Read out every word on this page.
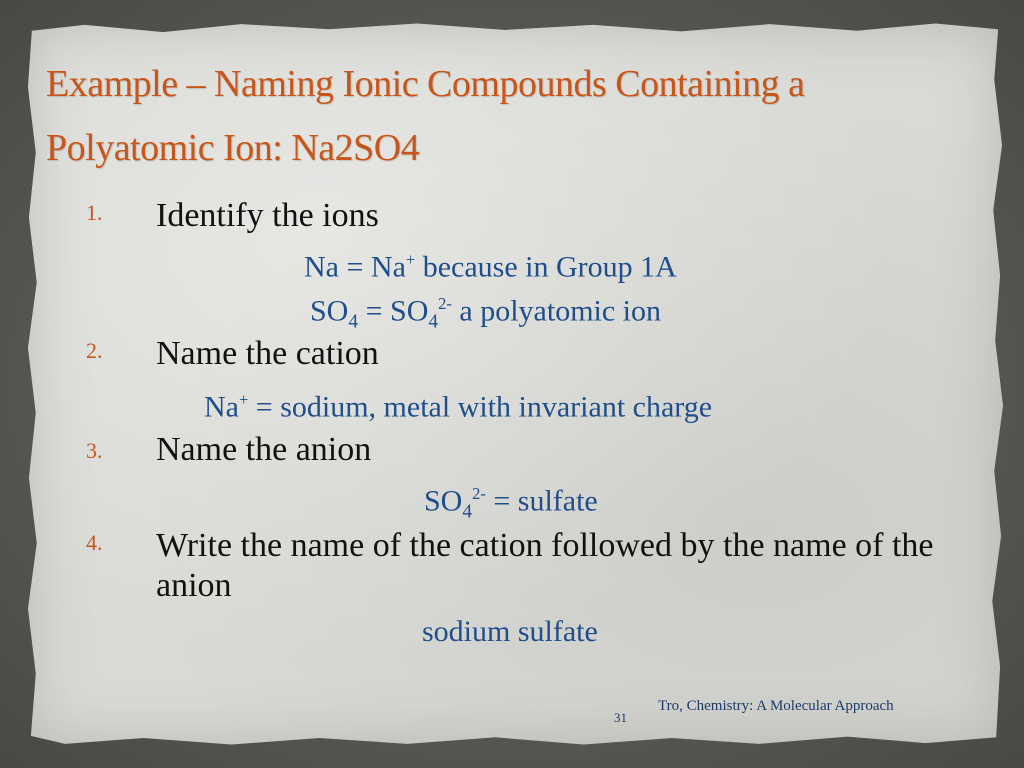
Example – Naming Ionic Compounds Containing a
Polyatomic Ion: Na2SO4
1. Identify the ions
Na = Na+ because in Group 1A
$SO_4 = SO_4^{2-}$ a polyatomic ion
2. Name the cation
Na+ = sodium, metal with invariant charge
3. Name the anion
$SO_4^{2-}$ = sulfate
4. Write the name of the cation followed by the name of the anion
sodium sulfate
31
Tro, Chemistry: A Molecular Approach
